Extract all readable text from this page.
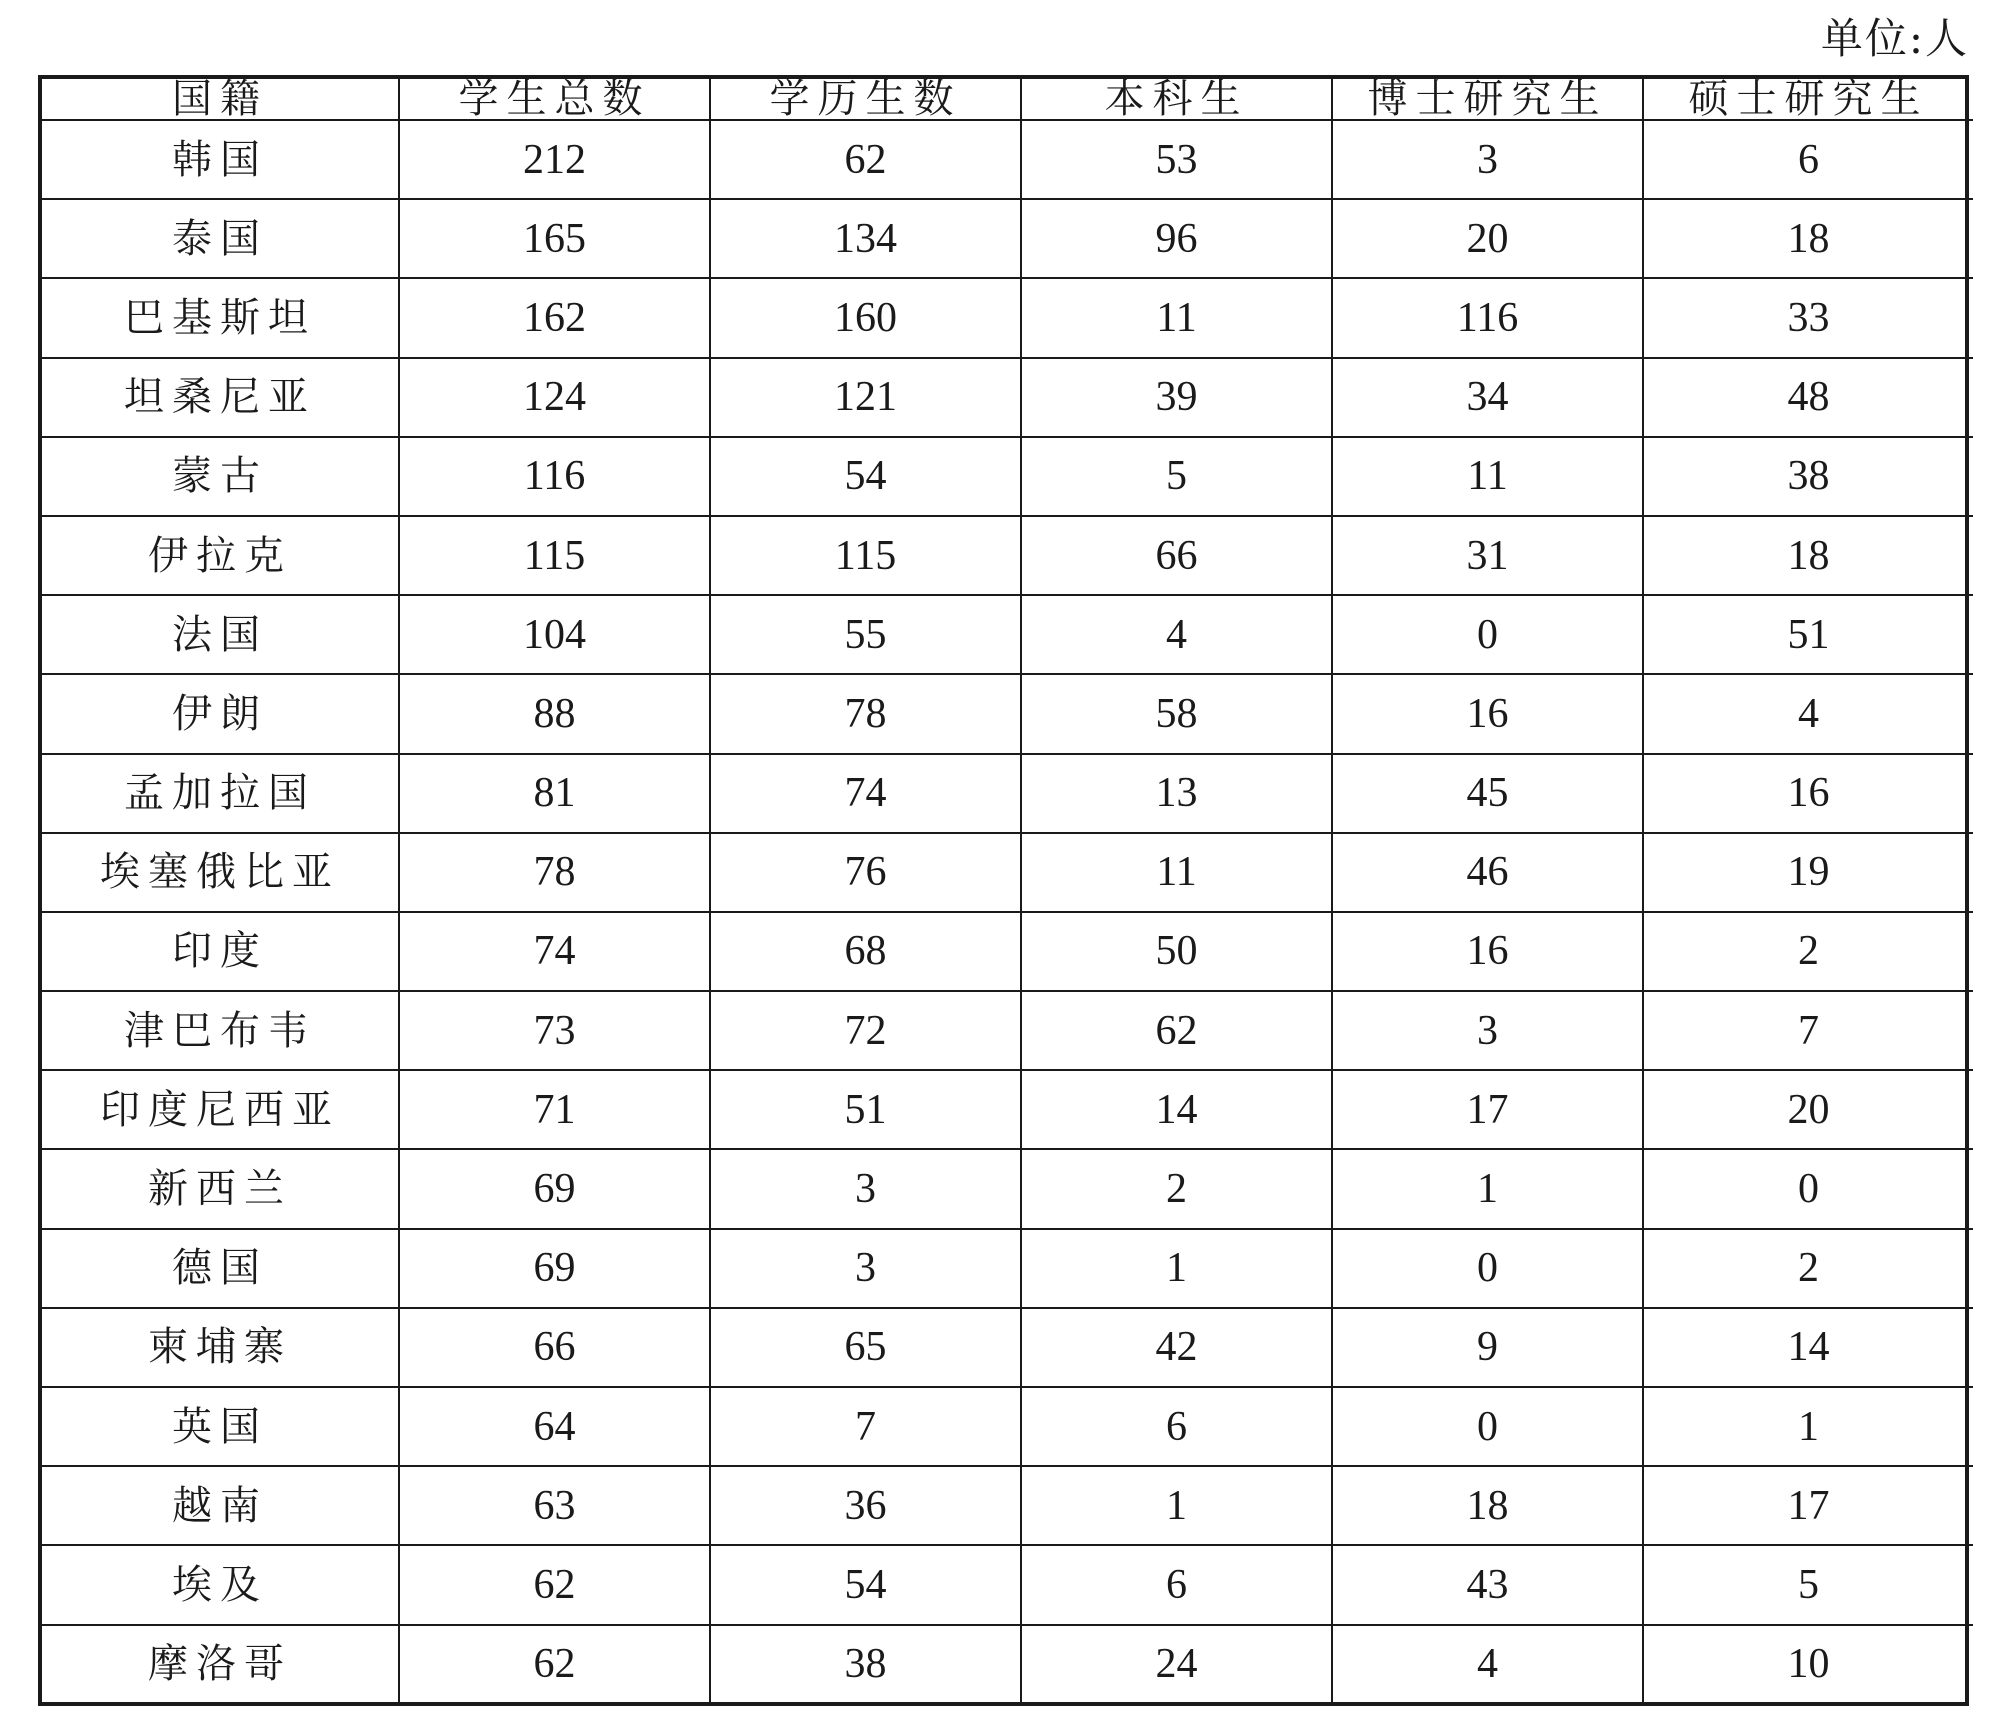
单位:人
国籍	学生总数	学历生数	本科生	博士研究生	硕士研究生
韩国	212	62	53	3	6
泰国	165	134	96	20	18
巴基斯坦	162	160	11	116	33
坦桑尼亚	124	121	39	34	48
蒙古	116	54	5	11	38
伊拉克	115	115	66	31	18
法国	104	55	4	0	51
伊朗	88	78	58	16	4
孟加拉国	81	74	13	45	16
埃塞俄比亚	78	76	11	46	19
印度	74	68	50	16	2
津巴布韦	73	72	62	3	7
印度尼西亚	71	51	14	17	20
新西兰	69	3	2	1	0
德国	69	3	1	0	2
柬埔寨	66	65	42	9	14
英国	64	7	6	0	1
越南	63	36	1	18	17
埃及	62	54	6	43	5
摩洛哥	62	38	24	4	10
